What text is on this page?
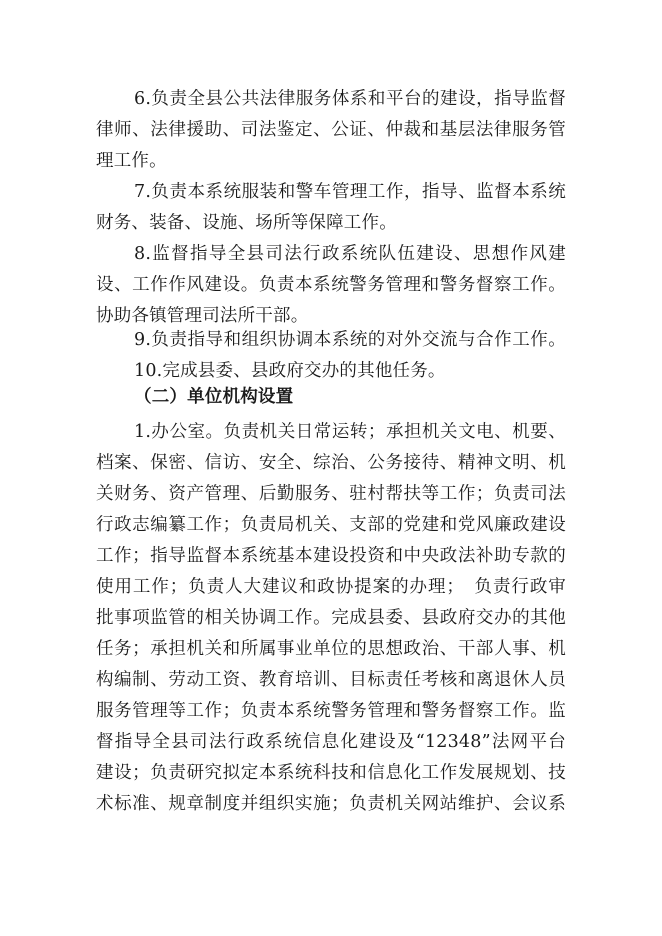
6.负责全县公共法律服务体系和平台的建设，指导监督
律师、法律援助、司法鉴定、公证、仲裁和基层法律服务管
理工作。
7.负责本系统服装和警车管理工作，指导、监督本系统
财务、装备、设施、场所等保障工作。
8.监督指导全县司法行政系统队伍建设、思想作风建
设、工作作风建设。负责本系统警务管理和警务督察工作。
协助各镇管理司法所干部。
9.负责指导和组织协调本系统的对外交流与合作工作。
10.完成县委、县政府交办的其他任务。
（二）单位机构设置
1.办公室。负责机关日常运转；承担机关文电、机要、
档案、保密、信访、安全、综治、公务接待、精神文明、机
关财务、资产管理、后勤服务、驻村帮扶等工作；负责司法
行政志编纂工作；负责局机关、支部的党建和党风廉政建设
工作；指导监督本系统基本建设投资和中央政法补助专款的
使用工作；负责人大建议和政协提案的办理；　负责行政审
批事项监管的相关协调工作。完成县委、县政府交办的其他
任务；承担机关和所属事业单位的思想政治、干部人事、机
构编制、劳动工资、教育培训、目标责任考核和离退休人员
服务管理等工作；负责本系统警务管理和警务督察工作。监
督指导全县司法行政系统信息化建设及“12348”法网平台
建设；负责研究拟定本系统科技和信息化工作发展规划、技
术标准、规章制度并组织实施；负责机关网站维护、会议系
